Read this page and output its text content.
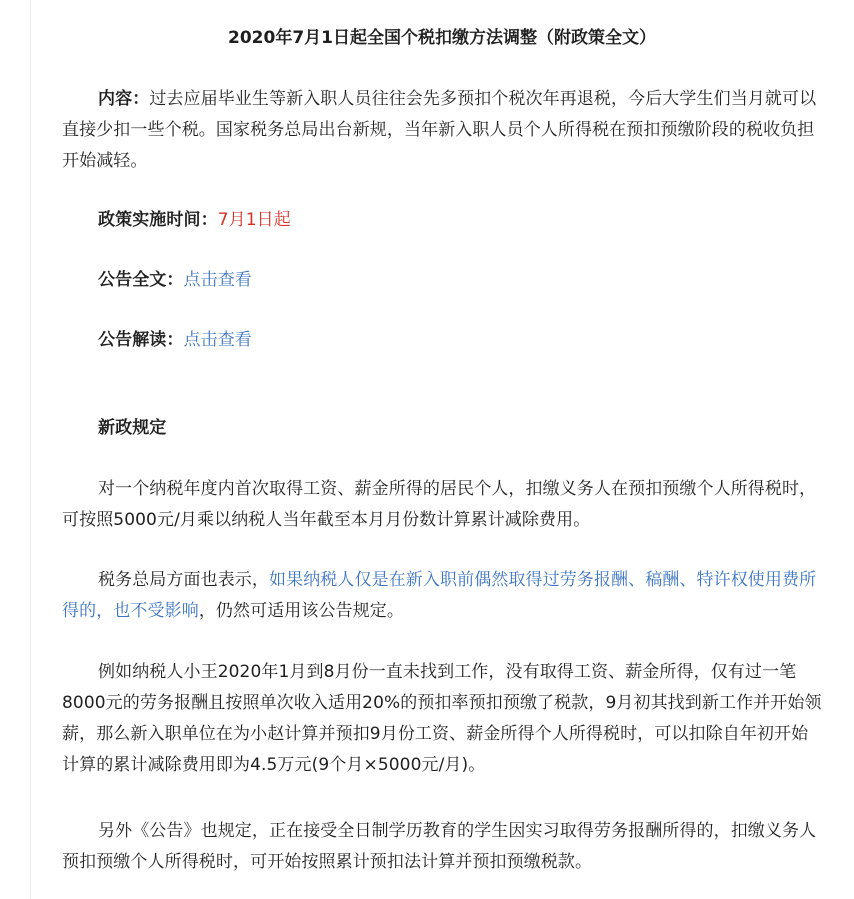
2020年7月1日起全国个税扣缴方法调整（附政策全文）

内容：过去应届毕业生等新入职人员往往会先多预扣个税次年再退税，今后大学生们当月就可以直接少扣一些个税。国家税务总局出台新规，当年新入职人员个人所得税在预扣预缴阶段的税收负担开始减轻。

政策实施时间：7月1日起

公告全文：点击查看

公告解读：点击查看

新政规定

对一个纳税年度内首次取得工资、薪金所得的居民个人，扣缴义务人在预扣预缴个人所得税时，可按照5000元/月乘以纳税人当年截至本月月份数计算累计减除费用。

税务总局方面也表示，如果纳税人仅是在新入职前偶然取得过劳务报酬、稿酬、特许权使用费所得的，也不受影响，仍然可适用该公告规定。

例如纳税人小王2020年1月到8月份一直未找到工作，没有取得工资、薪金所得，仅有过一笔8000元的劳务报酬且按照单次收入适用20%的预扣率预扣预缴了税款，9月初其找到新工作并开始领薪，那么新入职单位在为小赵计算并预扣9月份工资、薪金所得个人所得税时，可以扣除自年初开始计算的累计减除费用即为4.5万元(9个月×5000元/月)。

另外《公告》也规定，正在接受全日制学历教育的学生因实习取得劳务报酬所得的，扣缴义务人预扣预缴个人所得税时，可开始按照累计预扣法计算并预扣预缴税款。
